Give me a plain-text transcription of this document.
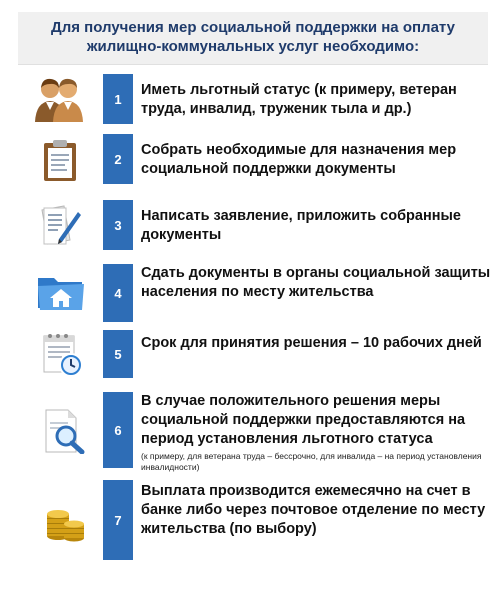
Для получения мер социальной поддержки на оплату жилищно-коммунальных услуг необходимо:
1
Иметь льготный статус (к примеру, ветеран труда, инвалид, труженик тыла и др.)
2
Собрать необходимые для назначения мер социальной поддержки документы
3
Написать заявление, приложить собранные документы
4
Сдать документы в органы социальной защиты населения по месту жительства
5
Срок для принятия решения – 10 рабочих дней
6
В случае положительного решения меры социальной поддержки предоставляются на период установления льготного статуса
(к примеру, для ветерана труда – бессрочно, для инвалида – на период установления инвалидности)
7
Выплата производится ежемесячно на счет в банке либо через почтовое отделение по месту жительства (по выбору)
